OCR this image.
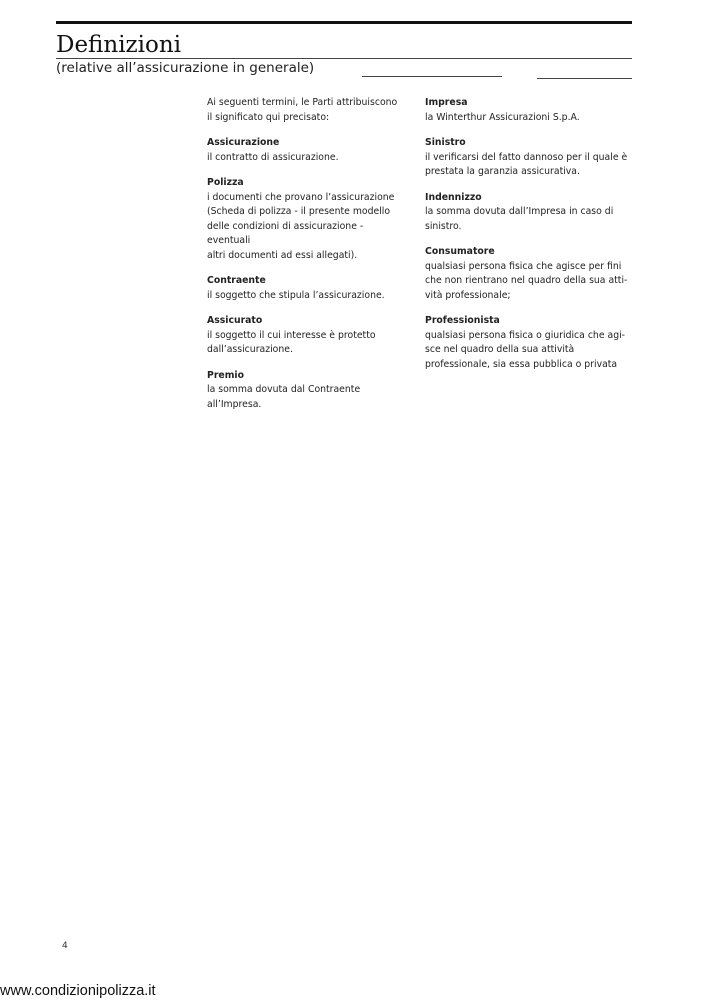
Definizioni
(relative all’assicurazione in generale)

Ai seguenti termini, le Parti attribuiscono
il significato qui precisato:

Assicurazione

il contratto di assicurazione.

Polizza

i documenti che provano l’assicurazione
(Scheda di polizza - il presente modello
delle condizioni di assicurazione - eventuali
altri documenti ad essi allegati).

Contraente

il soggetto che stipula l’assicurazione.

Assicurato

il soggetto il cui interesse è protetto
dall’assicurazione.

Premio

la somma dovuta dal Contraente
all’Impresa.

Impresa

la Winterthur Assicurazioni S.p.A.

Sinistro

il verificarsi del fatto dannoso per il quale è
prestata la garanzia assicurativa.

Indennizzo

la somma dovuta dall’Impresa in caso di
sinistro.

Consumatore

qualsiasi persona fisica che agisce per fini
che non rientrano nel quadro della sua atti-
vità professionale;

Professionista

qualsiasi persona fisica o giuridica che agi-
sce nel quadro della sua attività
professionale, sia essa pubblica o privata

4
www.condizionipolizza.it
